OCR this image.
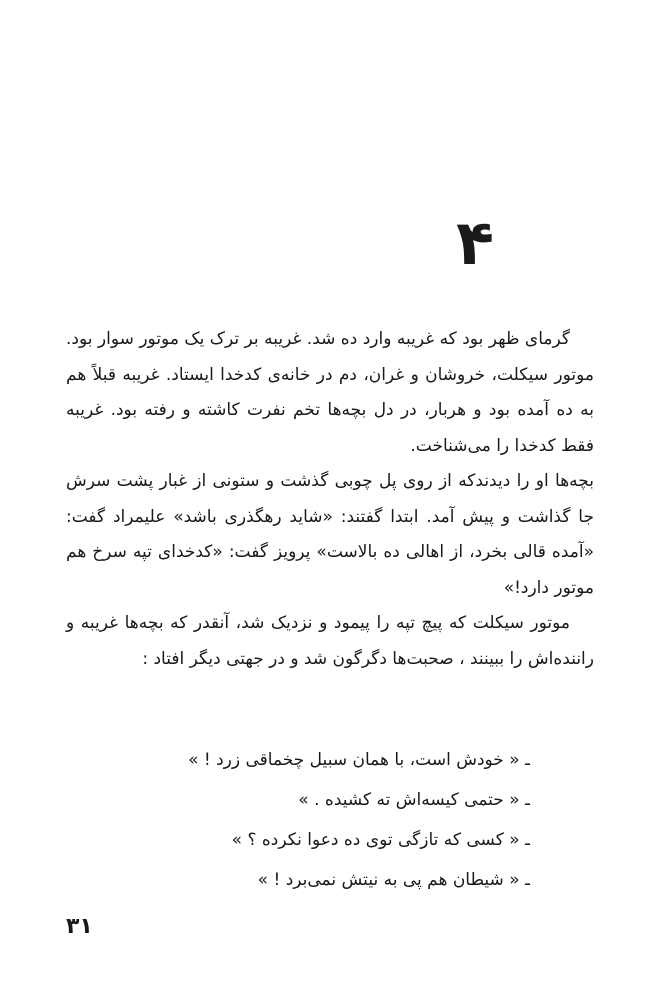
۴

گرمای ظهر بود که غریبه وارد ده شد. غریبه بر ترک یک موتور سوار بود. موتور سیکلت، خروشان و غران، دم در خانه‌ی کدخدا ایستاد. غریبه قبلاً هم به ده آمده بود و هربار، در دل بچه‌ها تخم نفرت کاشته و رفته بود. غریبه فقط کدخدا را می‌شناخت.

بچه‌ها او را دیدندکه از روی پل چوبی گذشت و ستونی از غبار پشت سرش جا گذاشت و پیش آمد. ابتدا گفتند: «شاید رهگذری باشد» علیمراد گفت: «آمده قالی بخرد، از اهالی ده بالاست» پرویز گفت: «کدخدای تپه سرخ هم موتور دارد!»

موتور سیکلت که پیچ تپه را پیمود و نزدیک شد، آنقدر که بچه‌ها غریبه و راننده‌اش را ببینند ، صحبت‌ها دگرگون شد و در جهتی دیگر افتاد :

ـ « خودش است، با همان سبیل چخماقی زرد ! »
ـ « حتمی کیسه‌اش ته کشیده . »
ـ « کسی که تازگی توی ده دعوا نکرده ؟ »
ـ « شیطان هم پی به نیتش نمی‌برد ! »
۳۱
